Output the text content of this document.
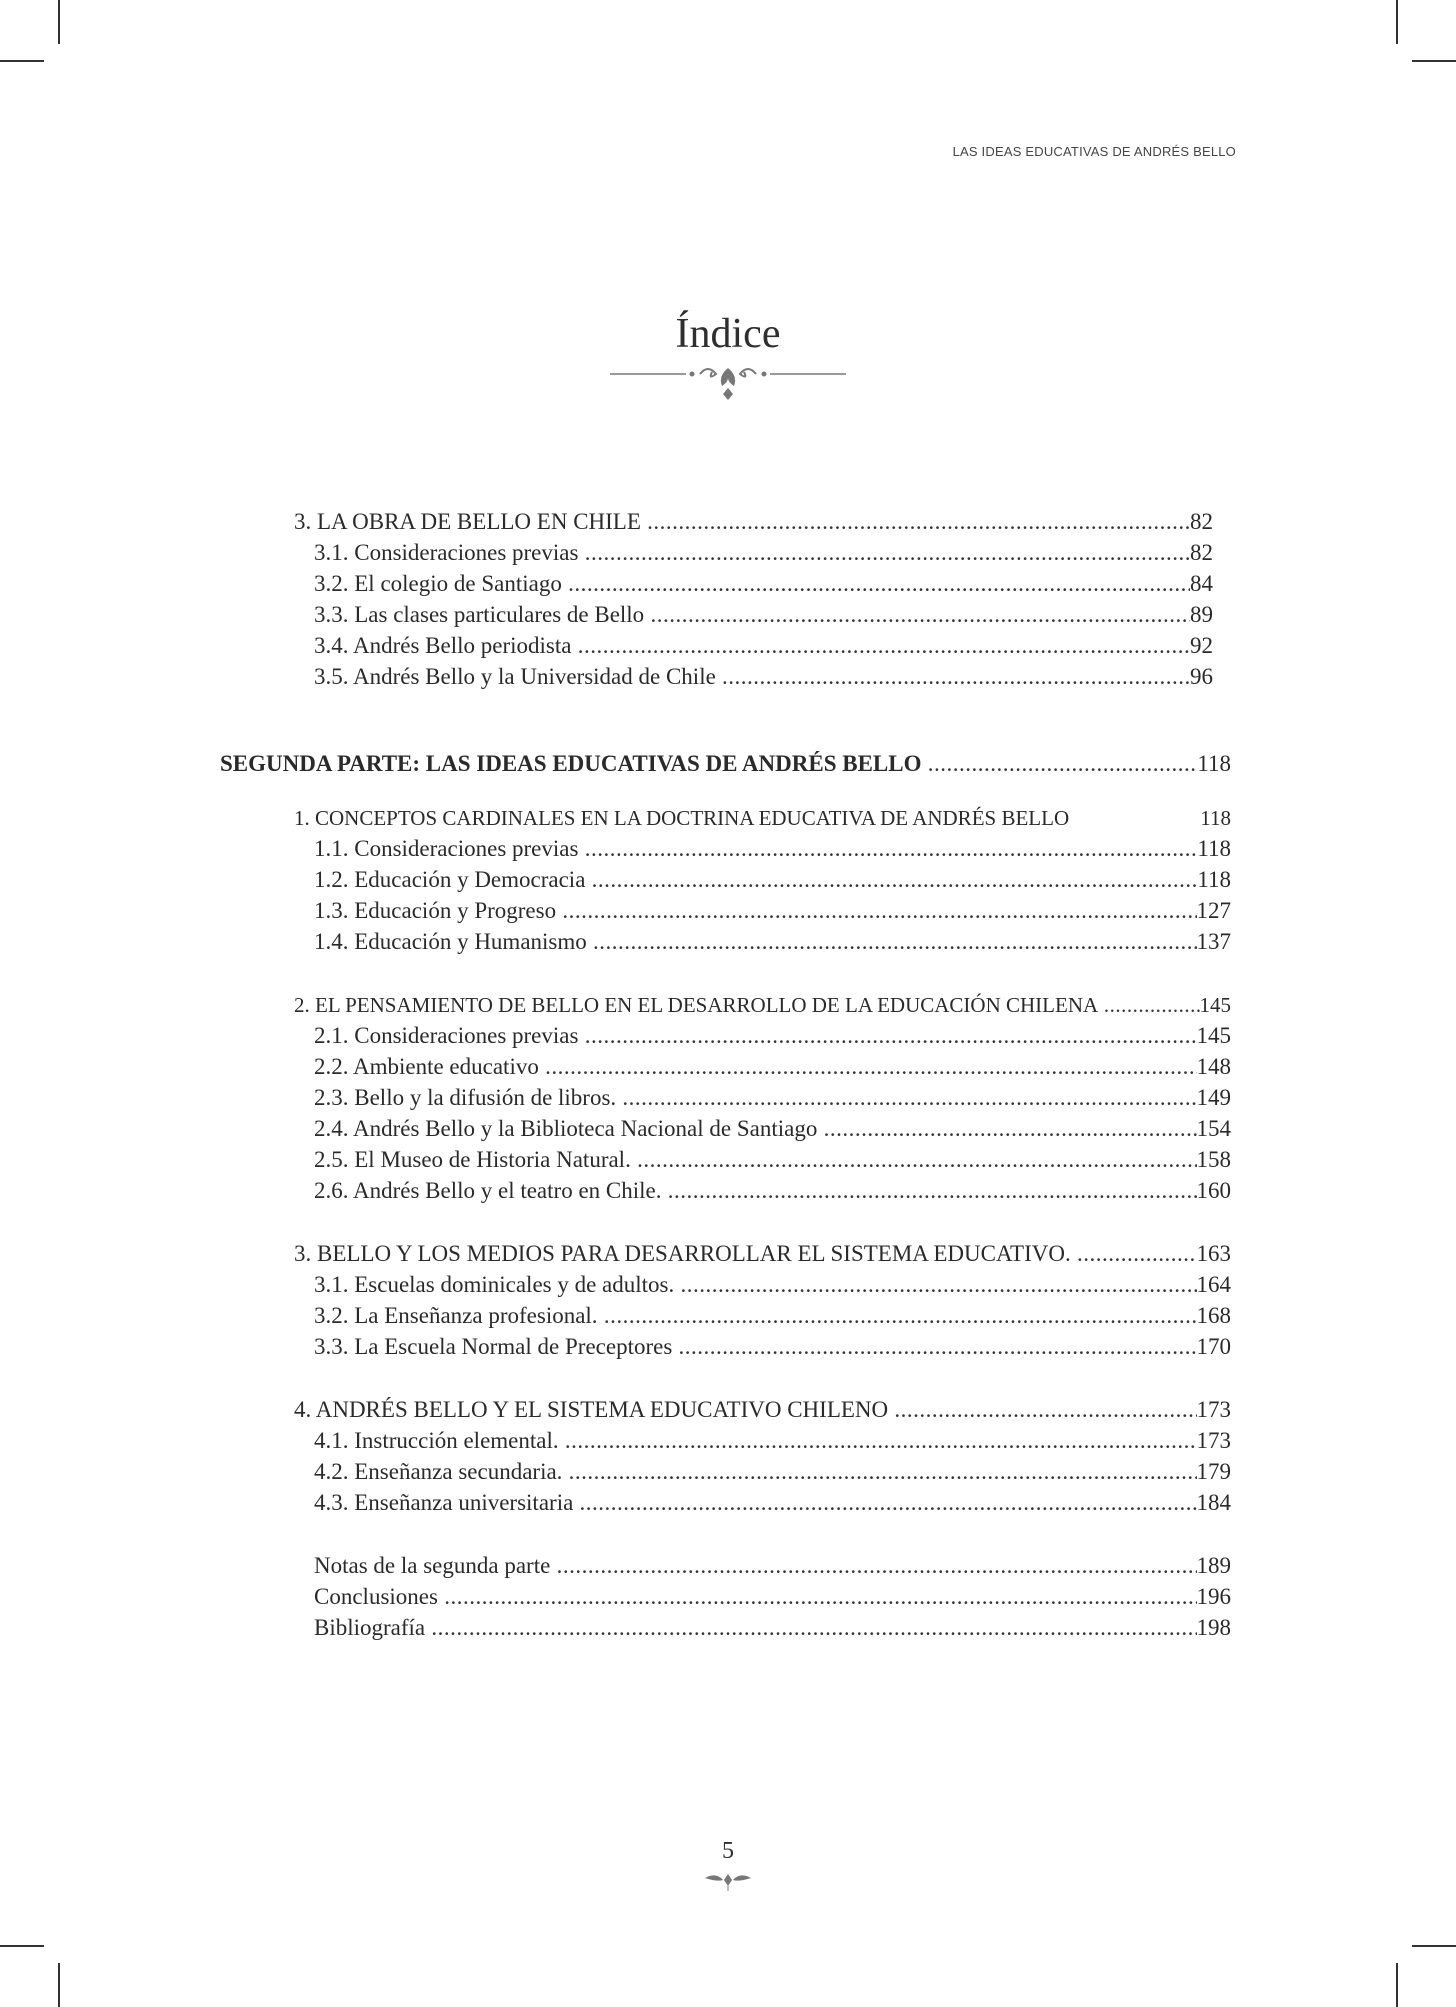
LAS IDEAS EDUCATIVAS DE ANDRÉS BELLO
Índice
3. LA OBRA DE BELLO EN CHILE .....	82
3.1. Consideraciones previas .....	82
3.2. El colegio de Santiago .....	84
3.3. Las clases particulares de Bello .....	89
3.4. Andrés Bello periodista .....	92
3.5. Andrés Bello y la Universidad de Chile .....	96
SEGUNDA PARTE: LAS IDEAS EDUCATIVAS DE ANDRÉS BELLO .....	118
1. CONCEPTOS CARDINALES EN LA DOCTRINA EDUCATIVA DE ANDRÉS BELLO	118
1.1. Consideraciones previas .....	118
1.2. Educación y Democracia .....	118
1.3. Educación y Progreso .....	127
1.4. Educación y Humanismo .....	137
2. EL PENSAMIENTO DE BELLO EN EL DESARROLLO DE LA EDUCACIÓN CHILENA .....	145
2.1. Consideraciones previas .....	145
2.2. Ambiente educativo .....	148
2.3. Bello y la difusión de libros. .....	149
2.4. Andrés Bello y la Biblioteca Nacional de Santiago .....	154
2.5. El Museo de Historia Natural. .....	158
2.6. Andrés Bello y el teatro en Chile. .....	160
3. BELLO Y LOS MEDIOS PARA DESARROLLAR EL SISTEMA EDUCATIVO. .....	163
3.1. Escuelas dominicales y de adultos. .....	164
3.2. La Enseñanza profesional. .....	168
3.3. La Escuela Normal de Preceptores .....	170
4. ANDRÉS BELLO Y EL SISTEMA EDUCATIVO CHILENO .....	173
4.1. Instrucción elemental. .....	173
4.2. Enseñanza secundaria. .....	179
4.3. Enseñanza universitaria .....	184
Notas de la segunda parte .....	189
Conclusiones .....	196
Bibliografía .....	198
5
